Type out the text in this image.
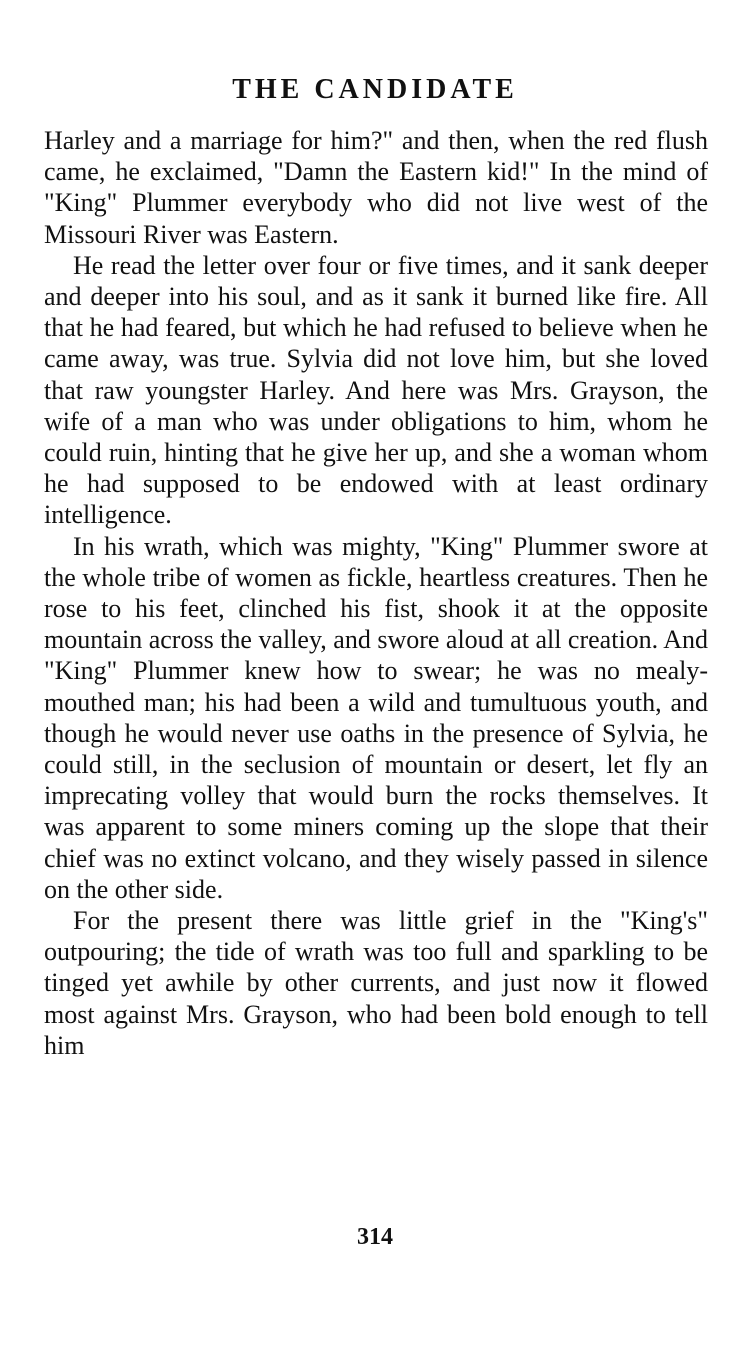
THE CANDIDATE

Harley and a marriage for him?" and then, when the red flush came, he exclaimed, "Damn the Eastern kid!" In the mind of "King" Plummer everybody who did not live west of the Missouri River was Eastern.

He read the letter over four or five times, and it sank deeper and deeper into his soul, and as it sank it burned like fire. All that he had feared, but which he had refused to believe when he came away, was true. Sylvia did not love him, but she loved that raw youngster Harley. And here was Mrs. Grayson, the wife of a man who was under obligations to him, whom he could ruin, hinting that he give her up, and she a woman whom he had supposed to be endowed with at least ordinary intelligence.

In his wrath, which was mighty, "King" Plummer swore at the whole tribe of women as fickle, heartless creatures. Then he rose to his feet, clinched his fist, shook it at the opposite mountain across the valley, and swore aloud at all creation. And "King" Plummer knew how to swear; he was no mealy-mouthed man; his had been a wild and tumultuous youth, and though he would never use oaths in the presence of Sylvia, he could still, in the seclusion of mountain or desert, let fly an imprecating volley that would burn the rocks themselves. It was apparent to some miners coming up the slope that their chief was no extinct volcano, and they wisely passed in silence on the other side.

For the present there was little grief in the "King's" outpouring; the tide of wrath was too full and sparkling to be tinged yet awhile by other currents, and just now it flowed most against Mrs. Grayson, who had been bold enough to tell him

314
